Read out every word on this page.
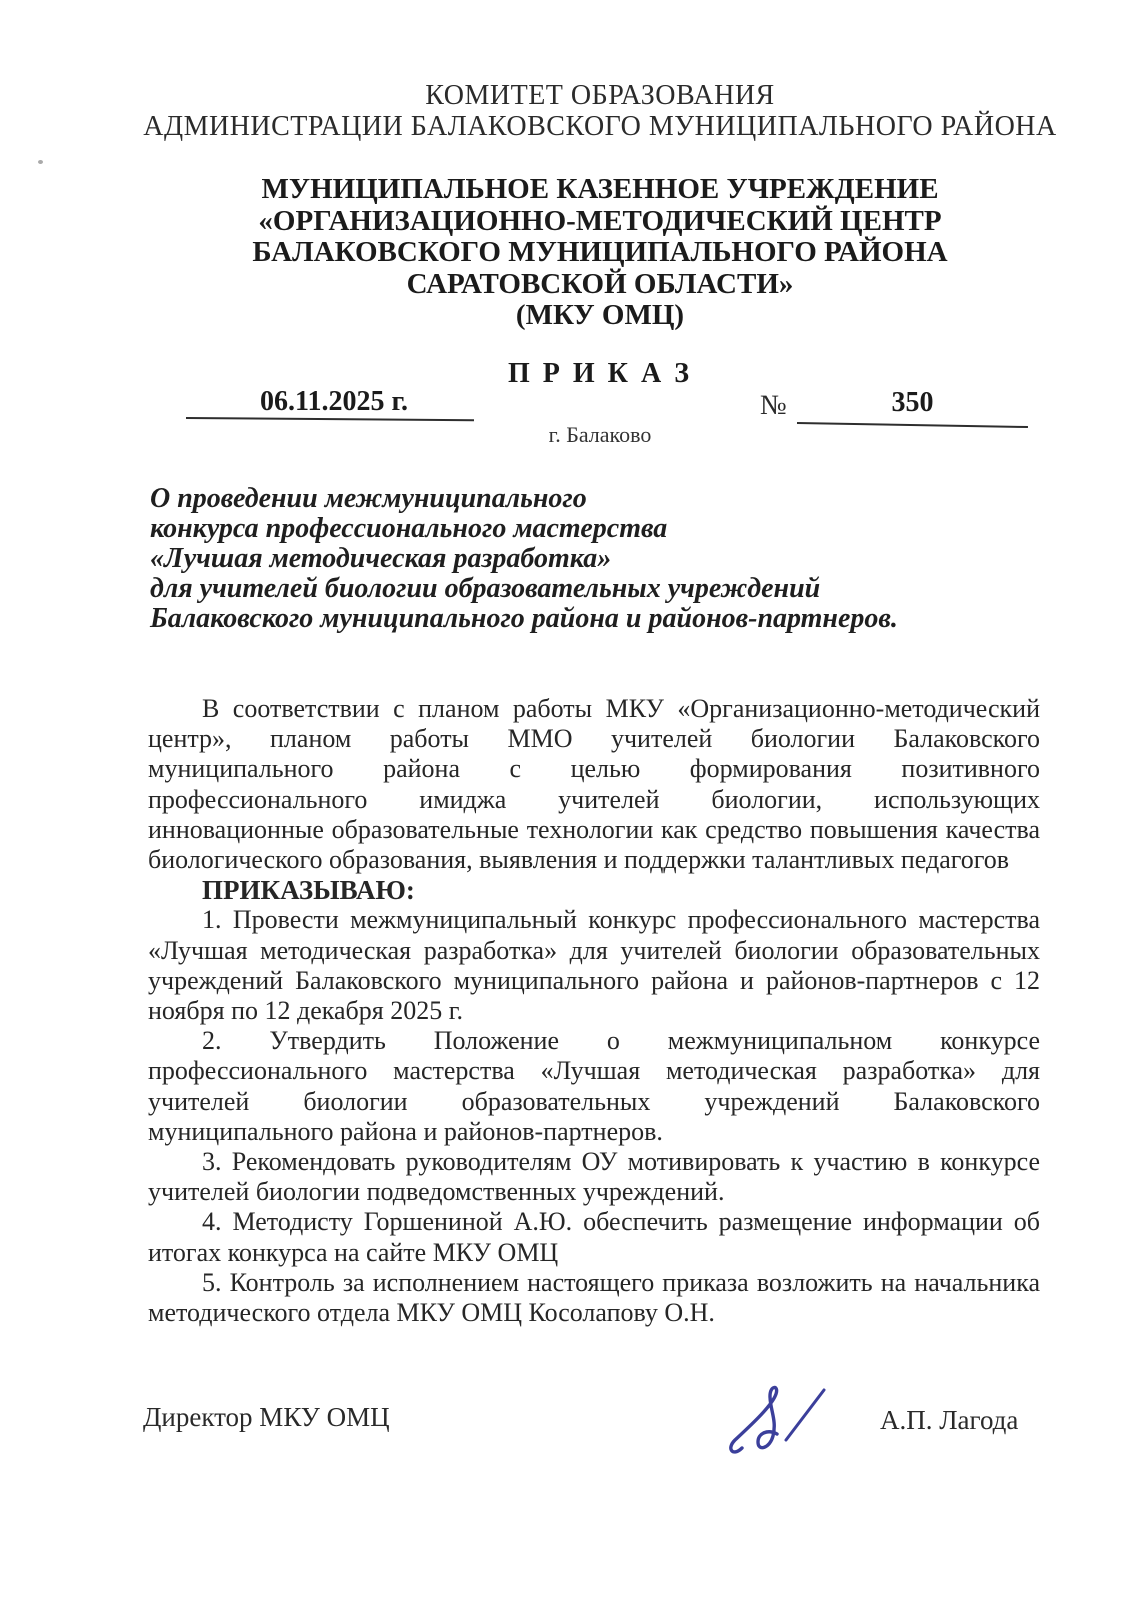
КОМИТЕТ ОБРАЗОВАНИЯ
АДМИНИСТРАЦИИ БАЛАКОВСКОГО МУНИЦИПАЛЬНОГО РАЙОНА
МУНИЦИПАЛЬНОЕ КАЗЕННОЕ УЧРЕЖДЕНИЕ
«ОРГАНИЗАЦИОННО-МЕТОДИЧЕСКИЙ ЦЕНТР
БАЛАКОВСКОГО МУНИЦИПАЛЬНОГО РАЙОНА
САРАТОВСКОЙ ОБЛАСТИ»
(МКУ ОМЦ)
П Р И К А З
06.11.2025 г.	№	350
г. Балаково
О проведении межмуниципального
конкурса профессионального мастерства
«Лучшая методическая разработка»
для учителей биологии образовательных учреждений
Балаковского муниципального района и районов-партнеров.

В соответствии с планом работы МКУ «Организационно-методический центр», планом работы ММО учителей биологии Балаковского муниципального района с целью формирования позитивного профессионального имиджа учителей биологии, использующих инновационные образовательные технологии как средство повышения качества биологического образования, выявления и поддержки талантливых педагогов

ПРИКАЗЫВАЮ:

1. Провести межмуниципальный конкурс профессионального мастерства «Лучшая методическая разработка» для учителей биологии образовательных учреждений Балаковского муниципального района и районов-партнеров с 12 ноября по 12 декабря 2025 г.

2. Утвердить Положение о межмуниципальном конкурсе профессионального мастерства «Лучшая методическая разработка» для учителей биологии образовательных учреждений Балаковского муниципального района и районов-партнеров.

3. Рекомендовать руководителям ОУ мотивировать к участию в конкурсе учителей биологии подведомственных учреждений.

4. Методисту Горшениной А.Ю. обеспечить размещение информации об итогах конкурса на сайте МКУ ОМЦ

5. Контроль за исполнением настоящего приказа возложить на начальника методического отдела МКУ ОМЦ Косолапову О.Н.

Директор МКУ ОМЦ	А.П. Лагода
